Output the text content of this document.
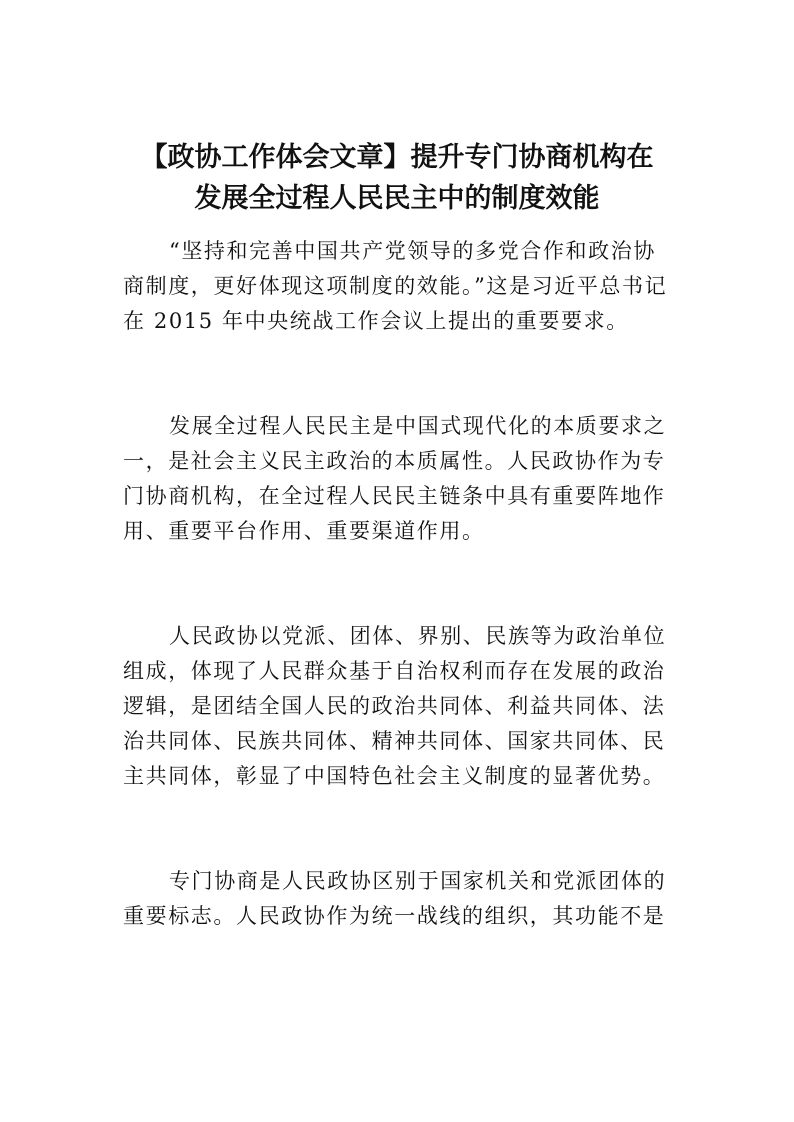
【政协工作体会文章】提升专门协商机构在
发展全过程人民民主中的制度效能

“坚持和完善中国共产党领导的多党合作和政治协
商制度，更好体现这项制度的效能。”这是习近平总书记
在 2015 年中央统战工作会议上提出的重要要求。

发展全过程人民民主是中国式现代化的本质要求之
一，是社会主义民主政治的本质属性。人民政协作为专
门协商机构，在全过程人民民主链条中具有重要阵地作
用、重要平台作用、重要渠道作用。

人民政协以党派、团体、界别、民族等为政治单位
组成，体现了人民群众基于自治权利而存在发展的政治
逻辑，是团结全国人民的政治共同体、利益共同体、法
治共同体、民族共同体、精神共同体、国家共同体、民
主共同体，彰显了中国特色社会主义制度的显著优势。

专门协商是人民政协区别于国家机关和党派团体的
重要标志。人民政协作为统一战线的组织，其功能不是
